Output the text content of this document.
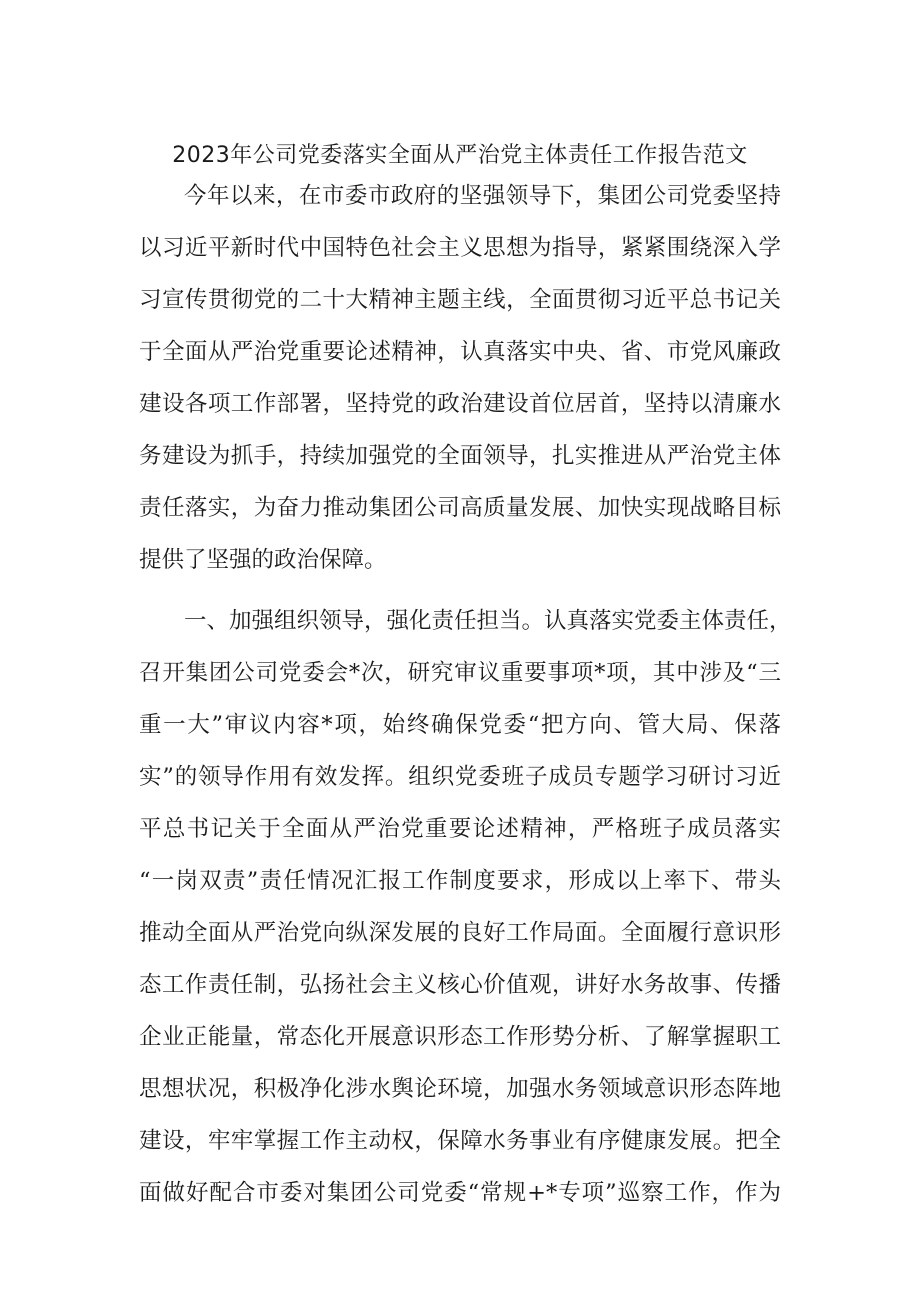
2023年公司党委落实全面从严治党主体责任工作报告范文
今年以来，在市委市政府的坚强领导下，集团公司党委坚持
以习近平新时代中国特色社会主义思想为指导，紧紧围绕深入学
习宣传贯彻党的二十大精神主题主线，全面贯彻习近平总书记关
于全面从严治党重要论述精神，认真落实中央、省、市党风廉政
建设各项工作部署，坚持党的政治建设首位居首，坚持以清廉水
务建设为抓手，持续加强党的全面领导，扎实推进从严治党主体
责任落实，为奋力推动集团公司高质量发展、加快实现战略目标
提供了坚强的政治保障。
一、加强组织领导，强化责任担当。认真落实党委主体责任，
召开集团公司党委会*次，研究审议重要事项*项，其中涉及“三
重一大”审议内容*项，始终确保党委“把方向、管大局、保落
实”的领导作用有效发挥。组织党委班子成员专题学习研讨习近
平总书记关于全面从严治党重要论述精神，严格班子成员落实
“一岗双责”责任情况汇报工作制度要求，形成以上率下、带头
推动全面从严治党向纵深发展的良好工作局面。全面履行意识形
态工作责任制，弘扬社会主义核心价值观，讲好水务故事、传播
企业正能量，常态化开展意识形态工作形势分析、了解掌握职工
思想状况，积极净化涉水舆论环境，加强水务领域意识形态阵地
建设，牢牢掌握工作主动权，保障水务事业有序健康发展。把全
面做好配合市委对集团公司党委“常规+*专项”巡察工作，作为
